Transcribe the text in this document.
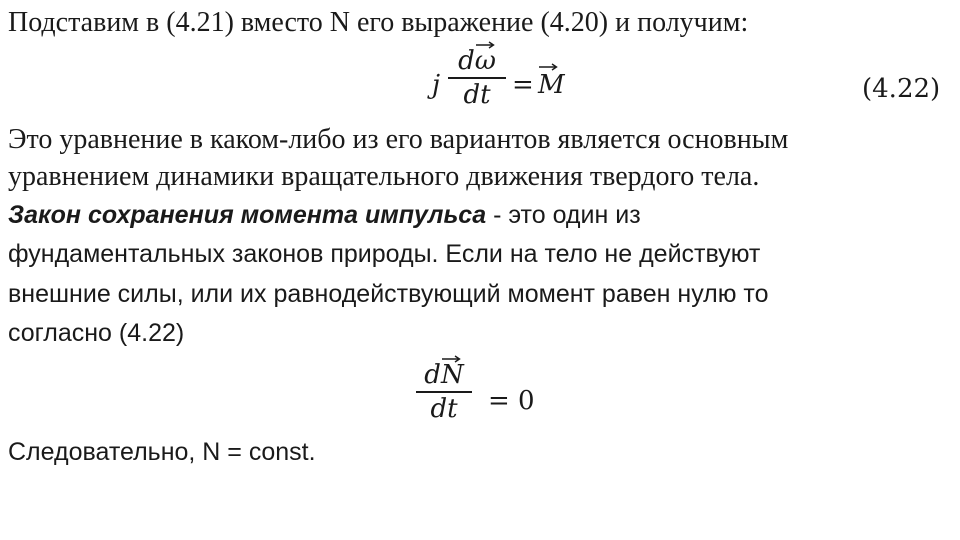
Подставим в (4.21) вместо N его выражение (4.20) и получим:
j
dω
dt = M	(4.22)
Это уравнение в каком-либо из его вариантов является основным
уравнением динамики вращательного движения твердого тела.
Закон сохранения момента импульса - это один из
фундаментальных законов природы. Если на тело не действуют
внешние силы, или их равнодействующий момент равен нулю то
согласно (4.22)
dN
dt	= 0
Следовательно, N = const.
